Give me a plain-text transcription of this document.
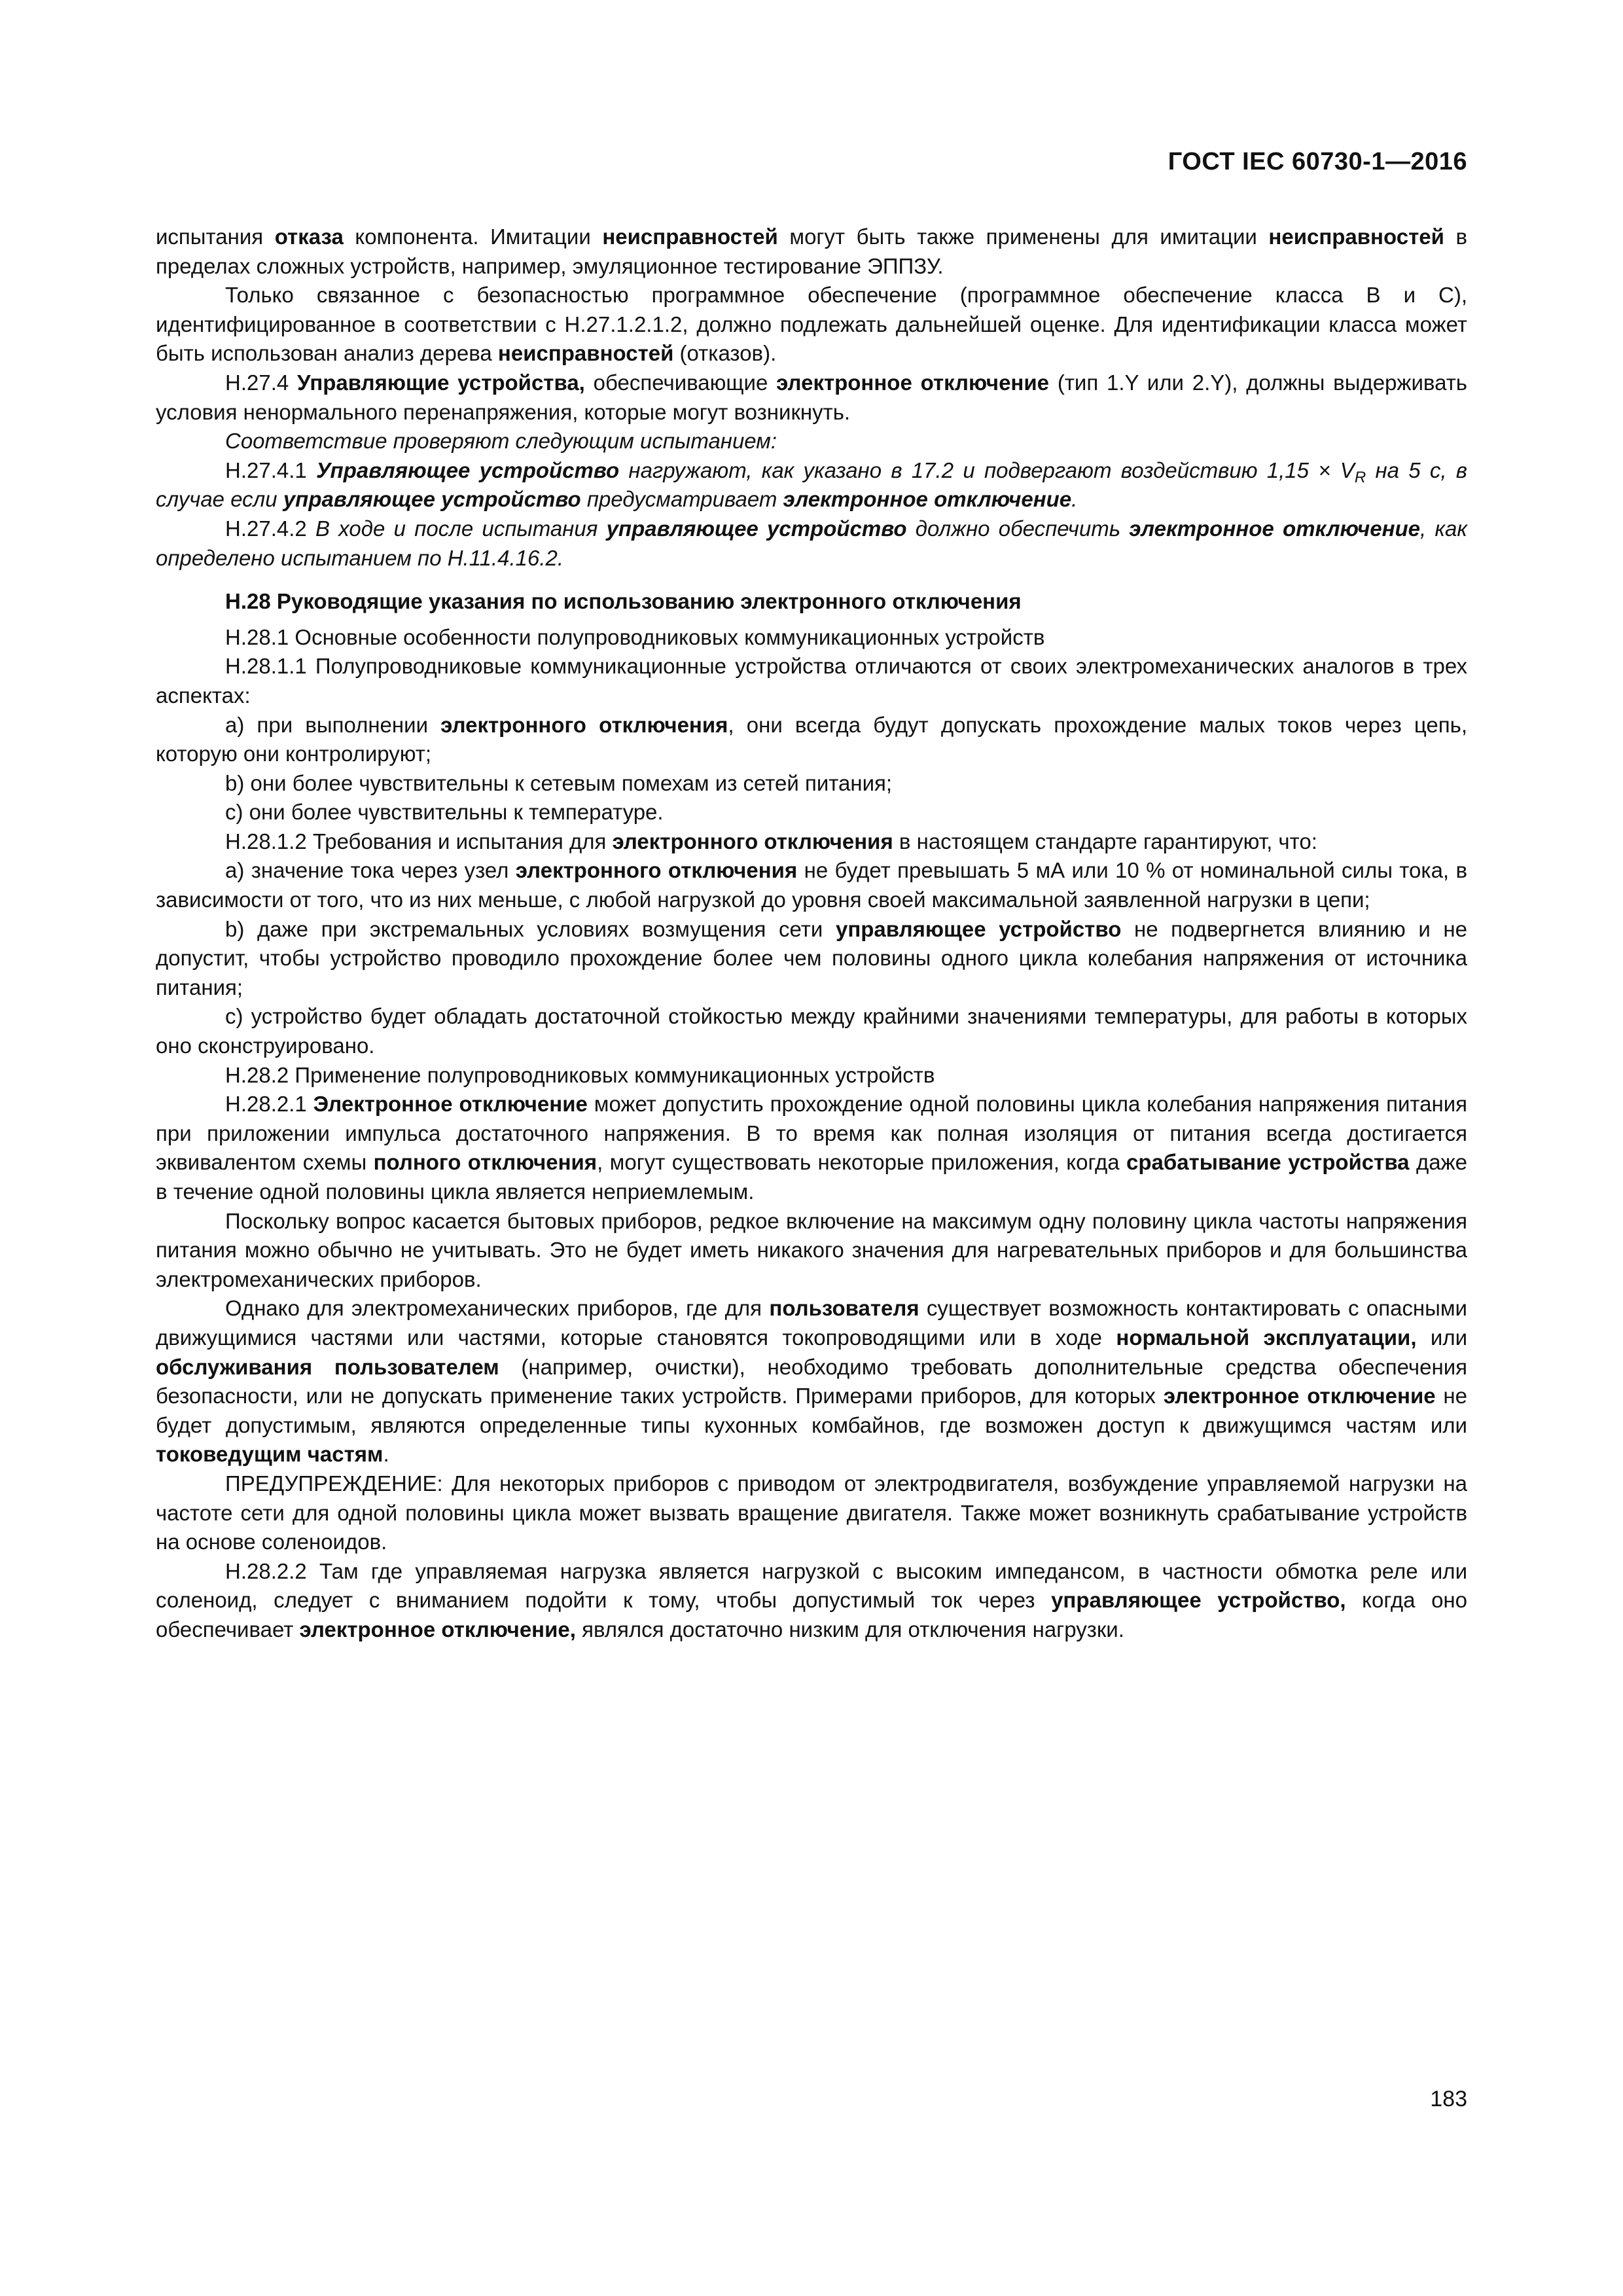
ГОСТ IEC 60730-1—2016

испытания отказа компонента. Имитации неисправностей могут быть также применены для имитации неисправностей в пределах сложных устройств, например, эмуляционное тестирование ЭППЗУ.

Только связанное с безопасностью программное обеспечение (программное обеспечение класса В и С), идентифицированное в соответствии с Н.27.1.2.1.2, должно подлежать дальнейшей оценке. Для идентификации класса может быть использован анализ дерева неисправностей (отказов).

Н.27.4 Управляющие устройства, обеспечивающие электронное отключение (тип 1.Y или 2.Y), должны выдерживать условия ненормального перенапряжения, которые могут возникнуть.

Соответствие проверяют следующим испытанием:

Н.27.4.1 Управляющее устройство нагружают, как указано в 17.2 и подвергают воздействию $1,15 \times V_R$ на 5 с, в случае если управляющее устройство предусматривает электронное отключение.

Н.27.4.2 В ходе и после испытания управляющее устройство должно обеспечить электронное отключение, как определено испытанием по Н.11.4.16.2.

Н.28 Руководящие указания по использованию электронного отключения

Н.28.1 Основные особенности полупроводниковых коммуникационных устройств

Н.28.1.1 Полупроводниковые коммуникационные устройства отличаются от своих электромеханических аналогов в трех аспектах:

a) при выполнении электронного отключения, они всегда будут допускать прохождение малых токов через цепь, которую они контролируют;

b) они более чувствительны к сетевым помехам из сетей питания;

c) они более чувствительны к температуре.

Н.28.1.2 Требования и испытания для электронного отключения в настоящем стандарте гарантируют, что:

a) значение тока через узел электронного отключения не будет превышать 5 мА или 10 % от номинальной силы тока, в зависимости от того, что из них меньше, с любой нагрузкой до уровня своей максимальной заявленной нагрузки в цепи;

b) даже при экстремальных условиях возмущения сети управляющее устройство не подвергнется влиянию и не допустит, чтобы устройство проводило прохождение более чем половины одного цикла колебания напряжения от источника питания;

c) устройство будет обладать достаточной стойкостью между крайними значениями температуры, для работы в которых оно сконструировано.

Н.28.2 Применение полупроводниковых коммуникационных устройств

Н.28.2.1 Электронное отключение может допустить прохождение одной половины цикла колебания напряжения питания при приложении импульса достаточного напряжения. В то время как полная изоляция от питания всегда достигается эквивалентом схемы полного отключения, могут существовать некоторые приложения, когда срабатывание устройства даже в течение одной половины цикла является неприемлемым.

Поскольку вопрос касается бытовых приборов, редкое включение на максимум одну половину цикла частоты напряжения питания можно обычно не учитывать. Это не будет иметь никакого значения для нагревательных приборов и для большинства электромеханических приборов.

Однако для электромеханических приборов, где для пользователя существует возможность контактировать с опасными движущимися частями или частями, которые становятся токопроводящими или в ходе нормальной эксплуатации, или обслуживания пользователем (например, очистки), необходимо требовать дополнительные средства обеспечения безопасности, или не допускать применение таких устройств. Примерами приборов, для которых электронное отключение не будет допустимым, являются определенные типы кухонных комбайнов, где возможен доступ к движущимся частям или токоведущим частям.

ПРЕДУПРЕЖДЕНИЕ: Для некоторых приборов с приводом от электродвигателя, возбуждение управляемой нагрузки на частоте сети для одной половины цикла может вызвать вращение двигателя. Также может возникнуть срабатывание устройств на основе соленоидов.

Н.28.2.2 Там где управляемая нагрузка является нагрузкой с высоким импедансом, в частности обмотка реле или соленоид, следует с вниманием подойти к тому, чтобы допустимый ток через управляющее устройство, когда оно обеспечивает электронное отключение, являлся достаточно низким для отключения нагрузки.

183
